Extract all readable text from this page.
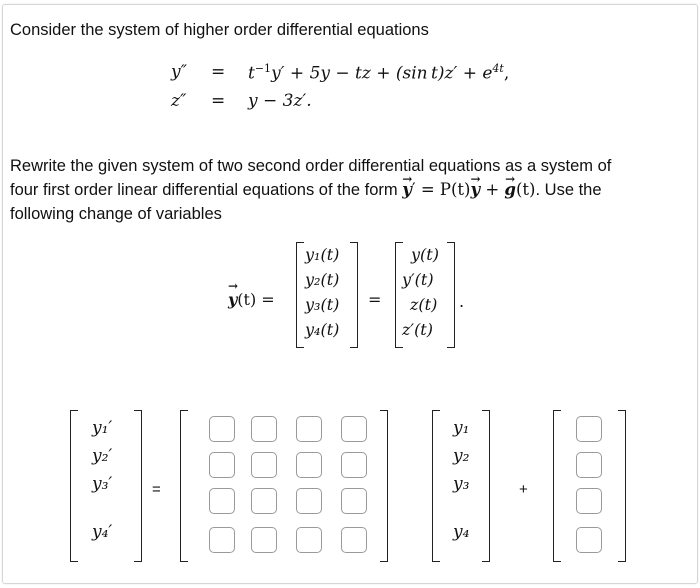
Consider the system of higher order differential equations
$y'' = t^{-1}y' + 5y$ − tz + (sin $t)z' + e^{4t}$,
z″ = y − 3z′.
Rewrite the given system of two second order differential equations as a system of
four first order linear differential equations of the form → y′ = P(t)→ y + → g(t). Use the
following change of variables
→ y(t) =
y₁(t)
y₂(t)
y₃(t)
y₄(t)
=
y(t)
y′(t)
z(t)
z′(t)
.
y₁′
y₂′
y₃′
y₄′
=
y₁
y₂
y₃
y₄
+
